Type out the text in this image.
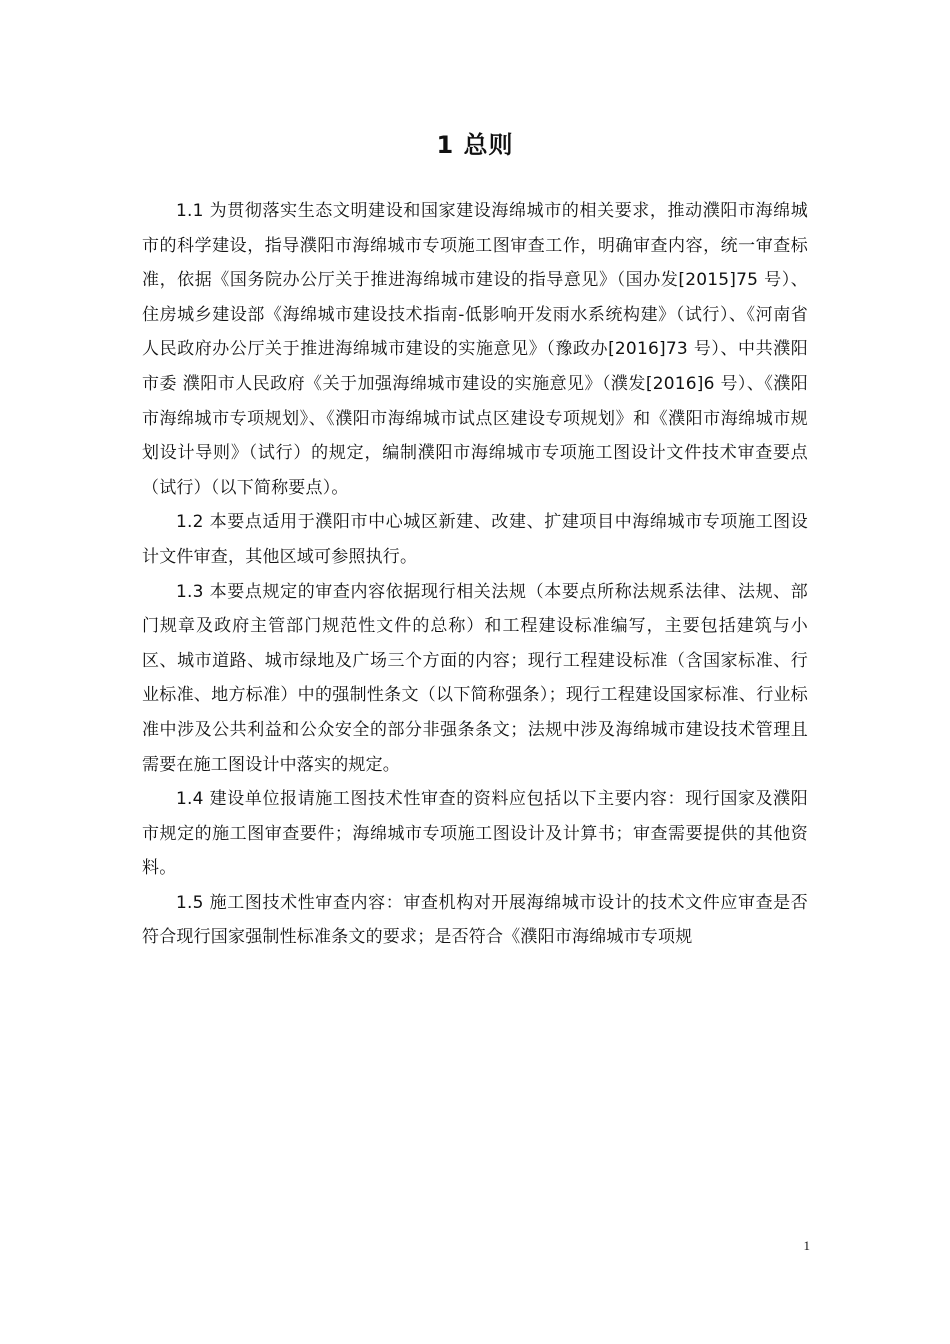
1 总则

1.1 为贯彻落实生态文明建设和国家建设海绵城市的相关要求，推动濮阳市海绵城市的科学建设，指导濮阳市海绵城市专项施工图审查工作，明确审查内容，统一审查标准，依据《国务院办公厅关于推进海绵城市建设的指导意见》（国办发[2015]75 号）、住房城乡建设部《海绵城市建设技术指南-低影响开发雨水系统构建》（试行）、《河南省人民政府办公厅关于推进海绵城市建设的实施意见》（豫政办[2016]73 号）、中共濮阳市委 濮阳市人民政府《关于加强海绵城市建设的实施意见》（濮发[2016]6 号）、《濮阳市海绵城市专项规划》、《濮阳市海绵城市试点区建设专项规划》和《濮阳市海绵城市规划设计导则》（试行）的规定，编制濮阳市海绵城市专项施工图设计文件技术审查要点（试行）（以下简称要点）。

1.2 本要点适用于濮阳市中心城区新建、改建、扩建项目中海绵城市专项施工图设计文件审查，其他区域可参照执行。

1.3 本要点规定的审查内容依据现行相关法规（本要点所称法规系法律、法规、部门规章及政府主管部门规范性文件的总称）和工程建设标准编写，主要包括建筑与小区、城市道路、城市绿地及广场三个方面的内容；现行工程建设标准（含国家标准、行业标准、地方标准）中的强制性条文（以下简称强条）；现行工程建设国家标准、行业标准中涉及公共利益和公众安全的部分非强条条文；法规中涉及海绵城市建设技术管理且需要在施工图设计中落实的规定。

1.4 建设单位报请施工图技术性审查的资料应包括以下主要内容：现行国家及濮阳市规定的施工图审查要件；海绵城市专项施工图设计及计算书；审查需要提供的其他资料。

1.5 施工图技术性审查内容：审查机构对开展海绵城市设计的技术文件应审查是否符合现行国家强制性标准条文的要求；是否符合《濮阳市海绵城市专项规

1
